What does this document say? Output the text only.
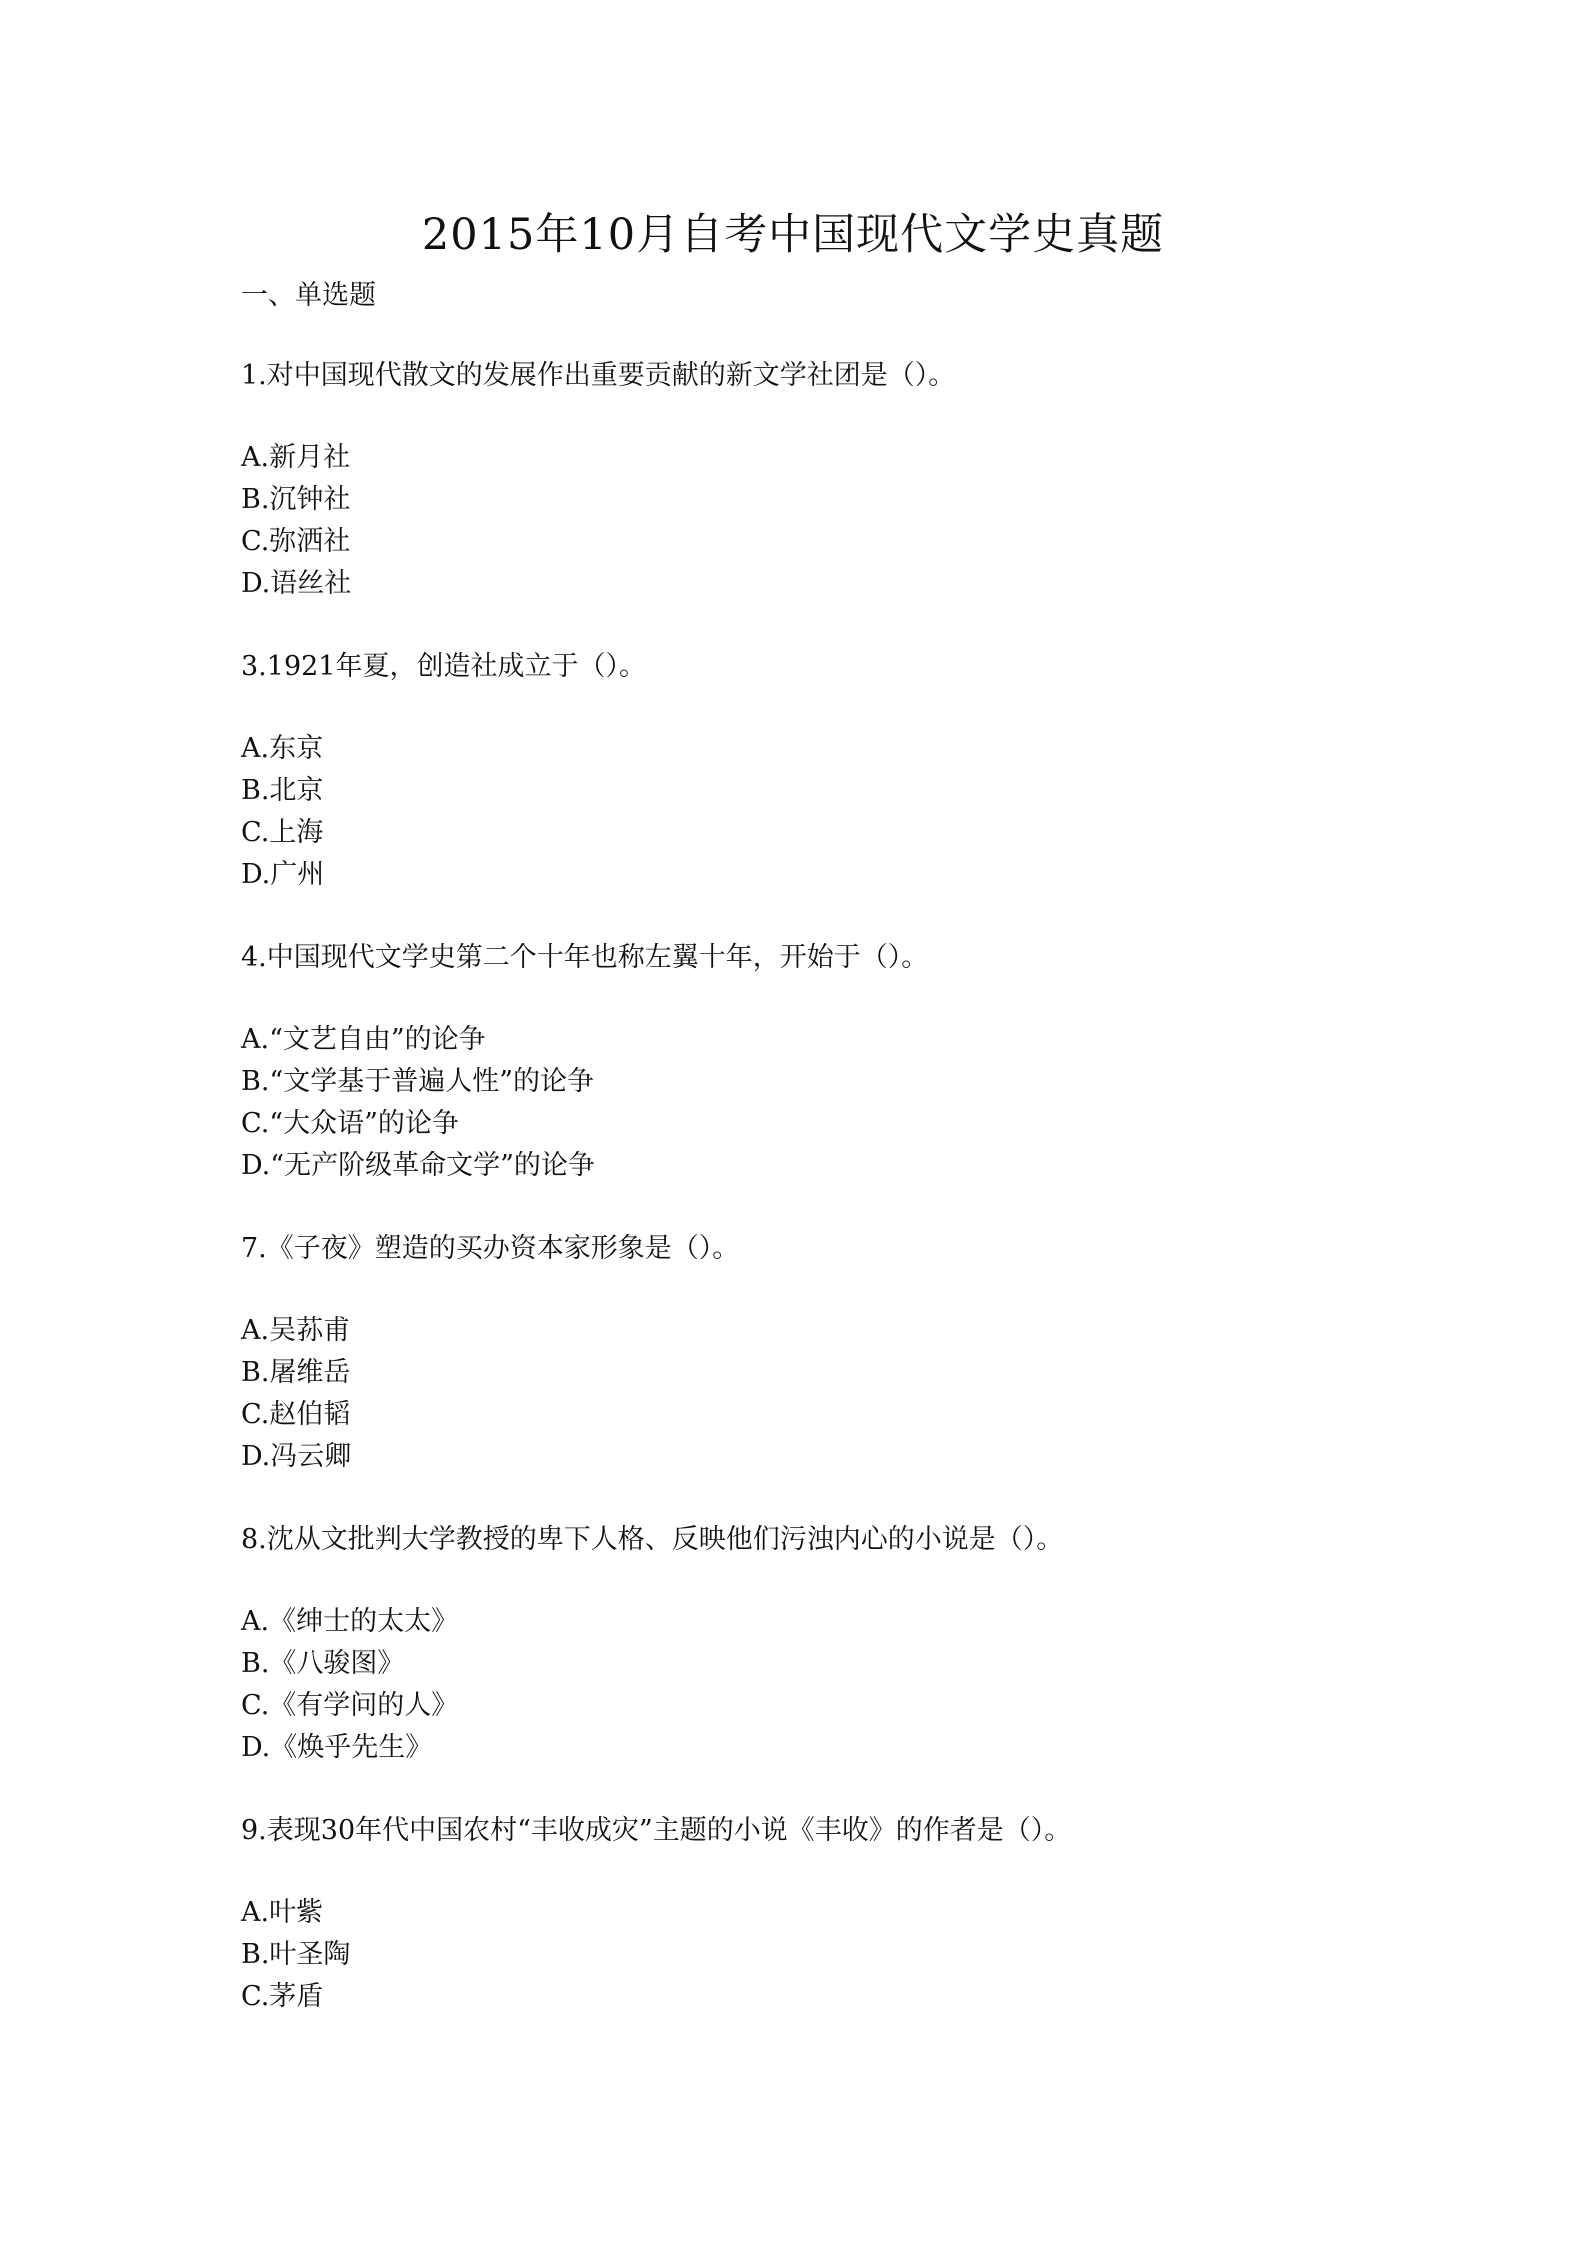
2015年10月自考中国现代文学史真题

一、单选题

1.对中国现代散文的发展作出重要贡献的新文学社团是（）。
A.新月社
B.沉钟社
C.弥洒社
D.语丝社
3.1921年夏，创造社成立于（）。
A.东京
B.北京
C.上海
D.广州
4.中国现代文学史第二个十年也称左翼十年，开始于（）。
A.“文艺自由”的论争
B.“文学基于普遍人性”的论争
C.“大众语”的论争
D.“无产阶级革命文学”的论争
7.《子夜》塑造的买办资本家形象是（）。
A.吴荪甫
B.屠维岳
C.赵伯韬
D.冯云卿
8.沈从文批判大学教授的卑下人格、反映他们污浊内心的小说是（）。
A.《绅士的太太》
B.《八骏图》
C.《有学问的人》
D.《焕乎先生》
9.表现30年代中国农村“丰收成灾”主题的小说《丰收》的作者是（）。
A.叶紫
B.叶圣陶
C.茅盾
